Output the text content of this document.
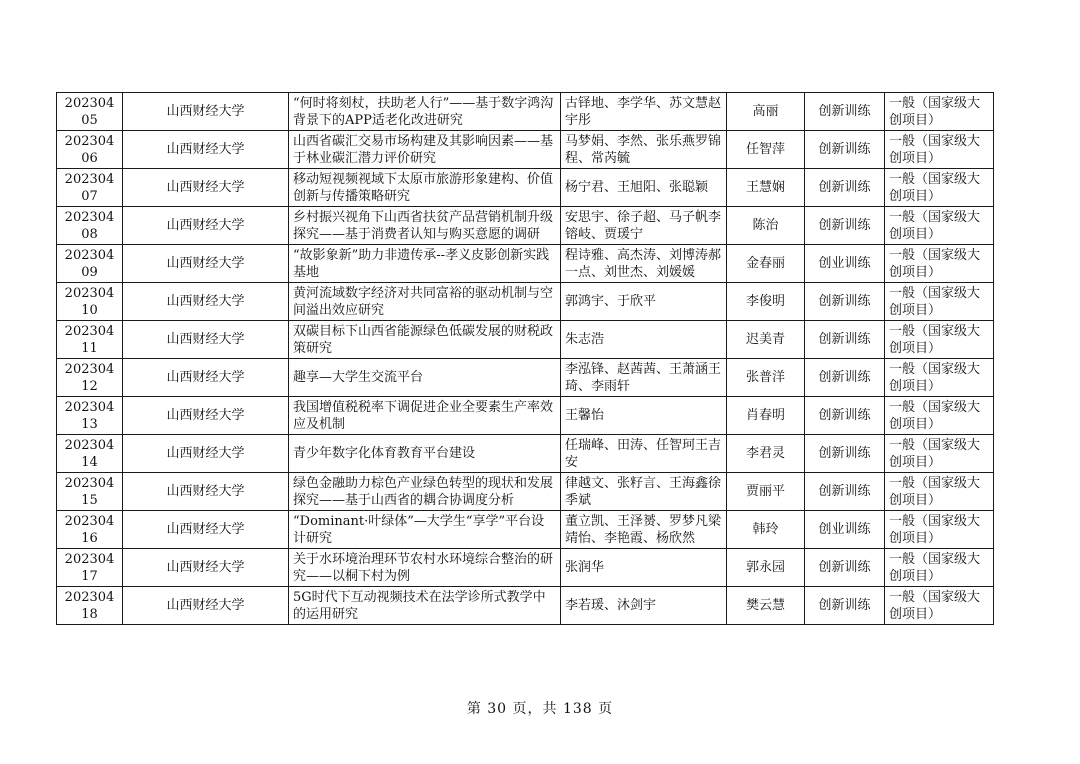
20230405	山西财经大学	“何时将刻杖，扶助老人行”——基于数字鸿沟背景下的APP适老化改进研究	古铎地、李学华、苏文慧赵宇彤	高丽	创新训练	一般（国家级大创项目）

20230406	山西财经大学	山西省碳汇交易市场构建及其影响因素——基于林业碳汇潜力评价研究	马梦娟、李然、张乐燕罗锦程、常芮毓	任智萍	创新训练	一般（国家级大创项目）

20230407	山西财经大学	移动短视频视域下太原市旅游形象建构、价值创新与传播策略研究	杨宁君、王旭阳、张聪颖	王慧娴	创新训练	一般（国家级大创项目）

20230408	山西财经大学	乡村振兴视角下山西省扶贫产品营销机制升级探究——基于消费者认知与购买意愿的调研	安思宇、徐子超、马子帆李镕岐、贾瑗宁	陈治	创新训练	一般（国家级大创项目）

20230409	山西财经大学	“故影象新”助力非遗传承--孝义皮影创新实践基地	程诗雅、高杰涛、刘博涛郝一点、刘世杰、刘媛媛	金春丽	创业训练	一般（国家级大创项目）

20230410	山西财经大学	黄河流域数字经济对共同富裕的驱动机制与空间溢出效应研究	郭鸿宇、于欣平	李俊明	创新训练	一般（国家级大创项目）

20230411	山西财经大学	双碳目标下山西省能源绿色低碳发展的财税政策研究	朱志浩	迟美青	创新训练	一般（国家级大创项目）

20230412	山西财经大学	趣享—大学生交流平台	李泓锋、赵茜茜、王萧涵王琦、李雨轩	张普洋	创新训练	一般（国家级大创项目）

20230413	山西财经大学	我国增值税税率下调促进企业全要素生产率效应及机制	王馨怡	肖春明	创新训练	一般（国家级大创项目）

20230414	山西财经大学	青少年数字化体育教育平台建设	任瑞峰、田涛、任智珂王吉安	李君灵	创新训练	一般（国家级大创项目）

20230415	山西财经大学	绿色金融助力棕色产业绿色转型的现状和发展探究——基于山西省的耦合协调度分析	律越文、张籽言、王海鑫徐季斌	贾丽平	创新训练	一般（国家级大创项目）

20230416	山西财经大学	“Dominant·叶绿体”—大学生“享学”平台设计研究	董立凯、王泽赟、罗梦凡梁靖怡、李艳霞、杨欣然	韩玲	创业训练	一般（国家级大创项目）

20230417	山西财经大学	关于水环境治理环节农村水环境综合整治的研究——以桐下村为例	张润华	郭永园	创新训练	一般（国家级大创项目）

20230418	山西财经大学	5G时代下互动视频技术在法学诊所式教学中的运用研究	李若瑗、沐剑宇	樊云慧	创新训练	一般（国家级大创项目）
第 30 页，共 138 页
